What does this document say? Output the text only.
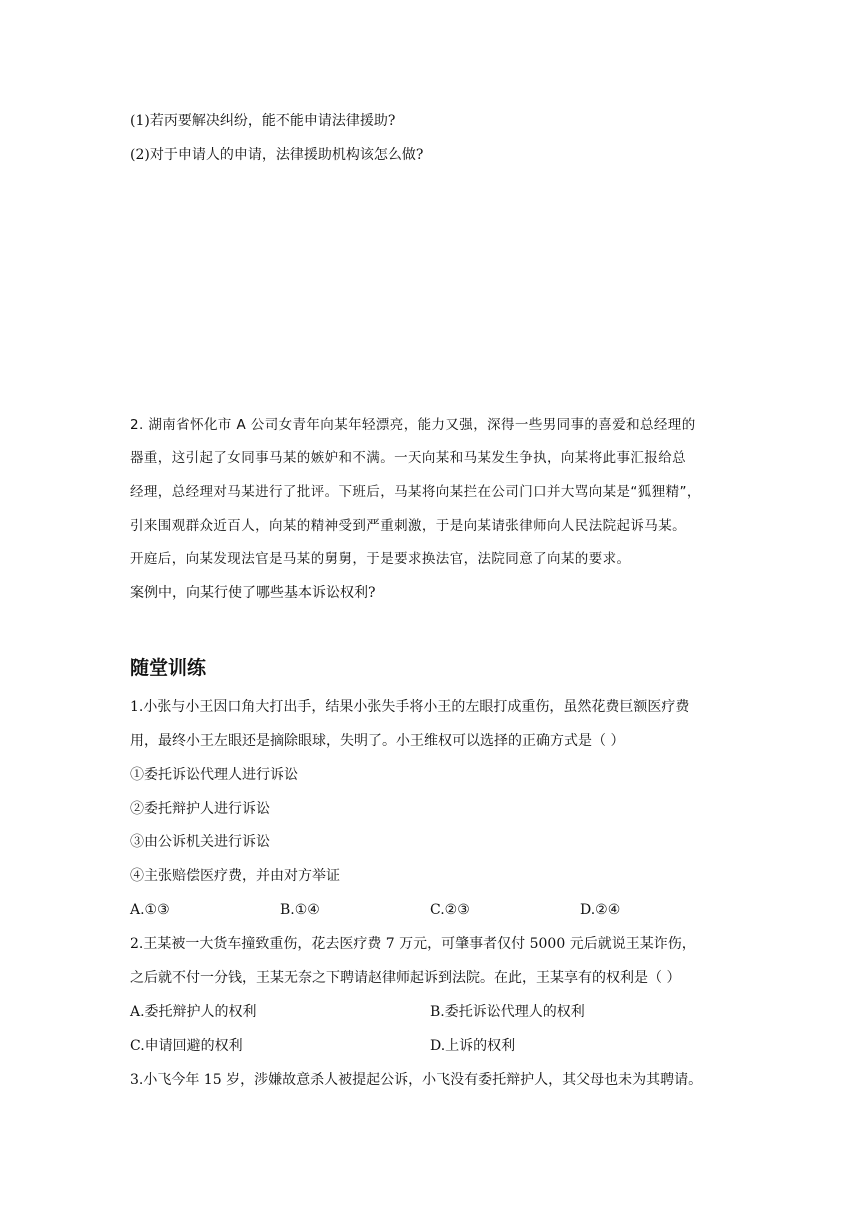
(1)若丙要解决纠纷，能不能申请法律援助?
(2)对于申请人的申请，法律援助机构该怎么做?
2. 湖南省怀化市 A 公司女青年向某年轻漂亮，能力又强，深得一些男同事的喜爱和总经理的
器重，这引起了女同事马某的嫉妒和不满。一天向某和马某发生争执，向某将此事汇报给总
经理，总经理对马某进行了批评。下班后，马某将向某拦在公司门口并大骂向某是“狐狸精”，
引来围观群众近百人，向某的精神受到严重刺激，于是向某请张律师向人民法院起诉马某。
开庭后，向某发现法官是马某的舅舅，于是要求换法官，法院同意了向某的要求。
案例中，向某行使了哪些基本诉讼权利?
随堂训练
1.小张与小王因口角大打出手，结果小张失手将小王的左眼打成重伤，虽然花费巨额医疗费
用，最终小王左眼还是摘除眼球，失明了。小王维权可以选择的正确方式是（ ）
①委托诉讼代理人进行诉讼
②委托辩护人进行诉讼
③由公诉机关进行诉讼
④主张赔偿医疗费，并由对方举证
A.①③	B.①④	C.②③	D.②④
2.王某被一大货车撞致重伤，花去医疗费 7 万元，可肇事者仅付 5000 元后就说王某诈伤，
之后就不付一分钱，王某无奈之下聘请赵律师起诉到法院。在此，王某享有的权利是（ ）
A.委托辩护人的权利	B.委托诉讼代理人的权利
C.申请回避的权利	D.上诉的权利
3.小飞今年 15 岁，涉嫌故意杀人被提起公诉，小飞没有委托辩护人，其父母也未为其聘请。
